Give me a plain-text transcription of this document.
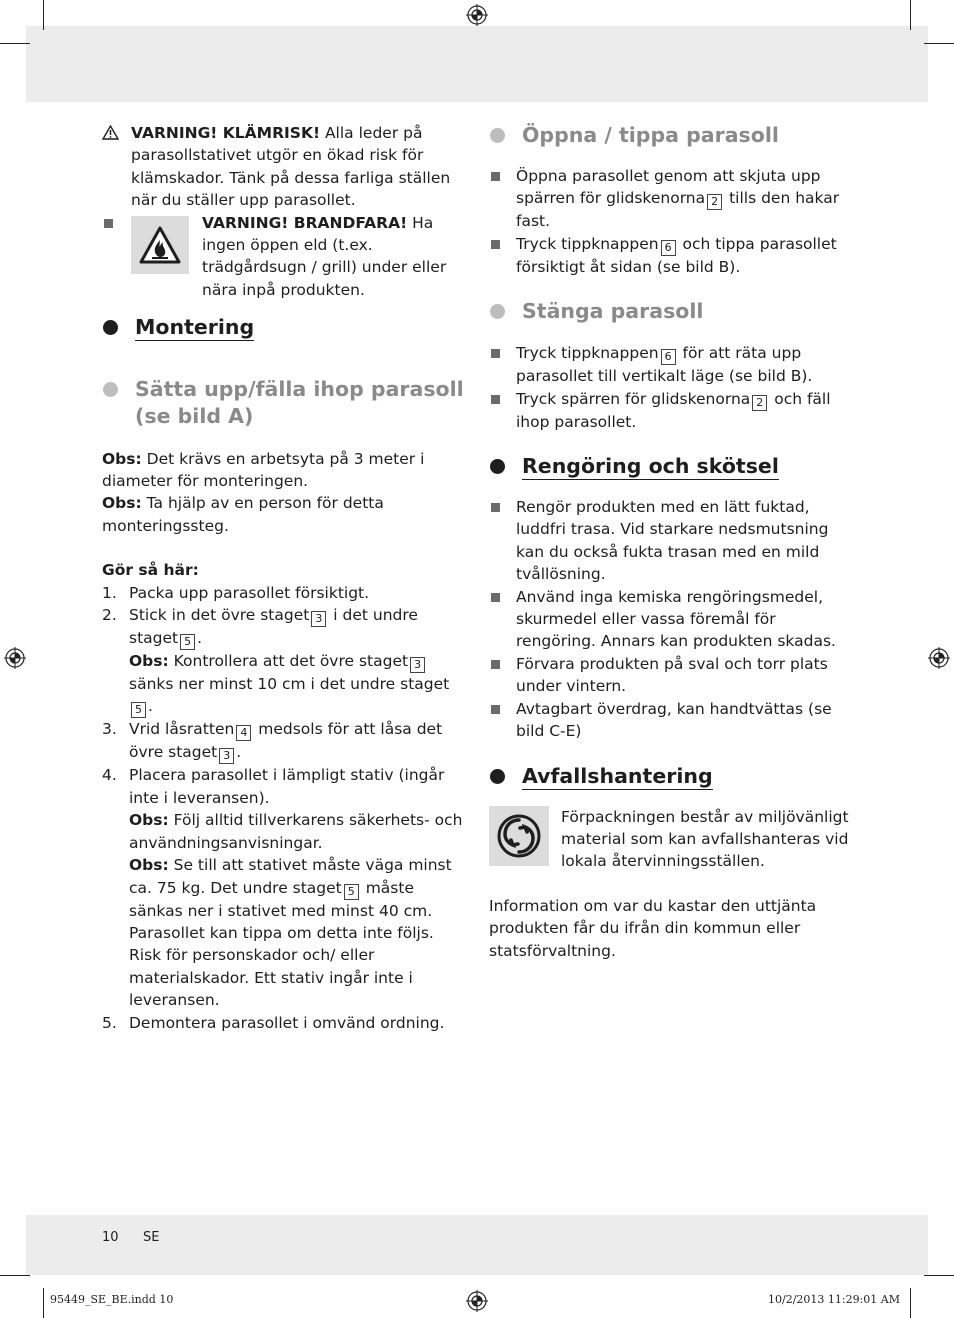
VARNING! KLÄMRISK! Alla leder på parasollstativet utgör en ökad risk för klämskador. Tänk på dessa farliga ställen när du ställer upp parasollet.
VARNING! BRANDFARA! Ha ingen öppen eld (t.ex. trädgårdsugn / grill) under eller nära inpå produkten.
Montering
Sätta upp/fälla ihop parasoll (se bild A)
Obs: Det krävs en arbetsyta på 3 meter i diameter för monteringen.
Obs: Ta hjälp av en person för detta monteringssteg.
Gör så här:
1. Packa upp parasollet försiktigt.
2. Stick in det övre staget 3 i det undre staget 5 .
Obs: Kontrollera att det övre staget 3 sänks ner minst 10 cm i det undre staget5 .
3. Vrid låsratten 4 medsols för att låsa det övre staget 3 .
4. Placera parasollet i lämpligt stativ (ingår inte i leveransen).
Obs: Följ alltid tillverkarens säkerhets- och användningsanvisningar.
Obs: Se till att stativet måste väga minst ca. 75 kg. Det undre staget 5 måste sänkas ner i stativet med minst 40 cm. Parasollet kan tippa om detta inte följs. Risk för personskador och/ eller materialskador. Ett stativ ingår inte i leveransen.
5. Demontera parasollet i omvänd ordning.
Öppna / tippa parasoll
Öppna parasollet genom att skjuta upp spärren för glidskenorna 2 tills den hakar fast.
Tryck tippknappen 6 och tippa parasollet försiktigt åt sidan (se bild B).
Stänga parasoll
Tryck tippknappen 6 för att räta upp parasollet till vertikalt läge (se bild B).
Tryck spärren för glidskenorna 2 och fäll ihop parasollet.
Rengöring och skötsel
Rengör produkten med en lätt fuktad, luddfri trasa. Vid starkare nedsmutsning kan du också fukta trasan med en mild tvållösning.
Använd inga kemiska rengöringsmedel, skurmedel eller vassa föremål för rengöring. Annars kan produkten skadas.
Förvara produkten på sval och torr plats under vintern.
Avtagbart överdrag, kan handtvättas (se bild C-E)
Avfallshantering
Förpackningen består av miljövänligt material som kan avfallshanteras vid lokala återvinningsställen.
Information om var du kastar den uttjänta produkten får du ifrån din kommun eller statsförvaltning.
10 SE
95449_SE_BE.indd 10	10/2/2013 11:29:01 AM
